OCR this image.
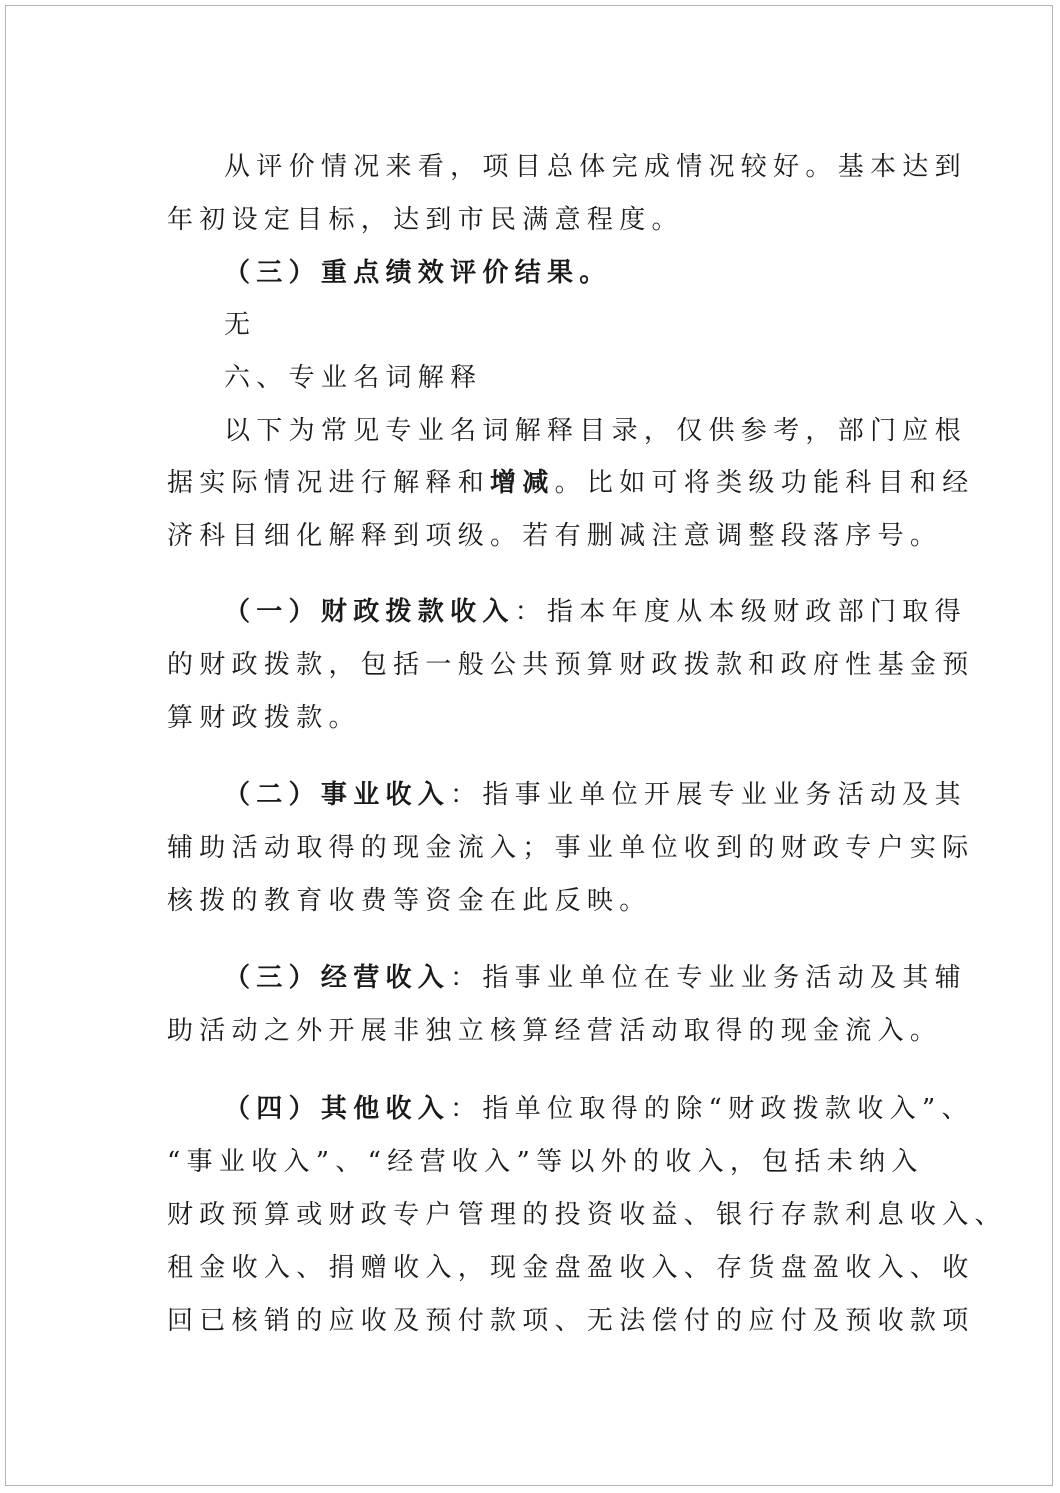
从评价情况来看，项目总体完成情况较好。基本达到
年初设定目标，达到市民满意程度。
（三）重点绩效评价结果。
无
六、专业名词解释
以下为常见专业名词解释目录，仅供参考，部门应根
据实际情况进行解释和增减。比如可将类级功能科目和经
济科目细化解释到项级。若有删减注意调整段落序号。
（一）财政拨款收入：指本年度从本级财政部门取得
的财政拨款，包括一般公共预算财政拨款和政府性基金预
算财政拨款。
（二）事业收入：指事业单位开展专业业务活动及其
辅助活动取得的现金流入；事业单位收到的财政专户实际
核拨的教育收费等资金在此反映。
（三）经营收入：指事业单位在专业业务活动及其辅
助活动之外开展非独立核算经营活动取得的现金流入。
（四）其他收入：指单位取得的除“财政拨款收入”、
“事业收入”、“经营收入”等以外的收入，包括未纳入
财政预算或财政专户管理的投资收益、银行存款利息收入、
租金收入、捐赠收入，现金盘盈收入、存货盘盈收入、收
回已核销的应收及预付款项、无法偿付的应付及预收款项
